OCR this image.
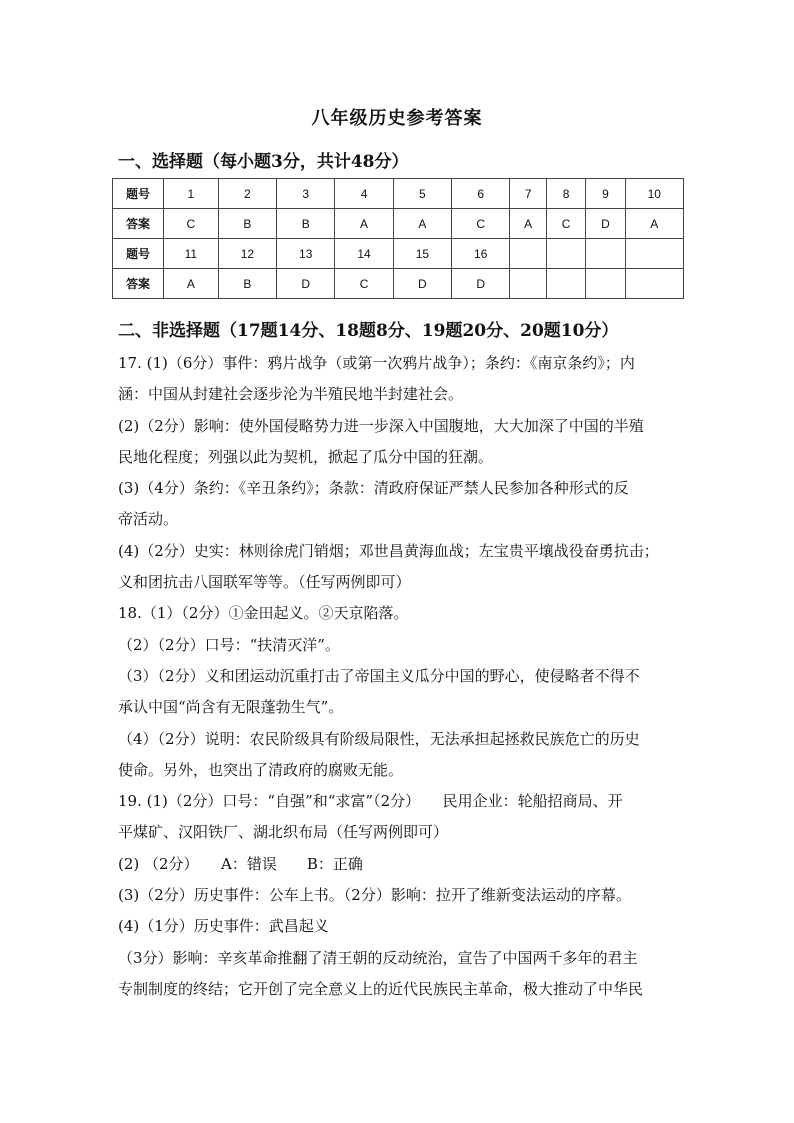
八年级历史参考答案
一、选择题（每小题3分，共计48分）
题号	1	2	3	4	5	6	7	8	9	10
答案	C	B	B	A	A	C	A	C	D	A
题号	11	12	13	14	15	16				
答案	A	B	D	C	D	D				
二、非选择题（17题14分、18题8分、19题20分、20题10分）

17. (1)（6分）事件：鸦片战争（或第一次鸦片战争）；条约：《南京条约》；内

涵：中国从封建社会逐步沦为半殖民地半封建社会。

(2)（2分）影响：使外国侵略势力进一步深入中国腹地，大大加深了中国的半殖

民地化程度；列强以此为契机，掀起了瓜分中国的狂潮。

(3)（4分）条约：《辛丑条约》；条款：清政府保证严禁人民参加各种形式的反

帝活动。

(4)（2分）史实：林则徐虎门销烟；邓世昌黄海血战；左宝贵平壤战役奋勇抗击；

义和团抗击八国联军等等。（任写两例即可）

18.（1）（2分）①金田起义。②天京陷落。

（2）（2分）口号：“扶清灭洋”。

（3）（2分）义和团运动沉重打击了帝国主义瓜分中国的野心，使侵略者不得不

承认中国“尚含有无限蓬勃生气”。

（4）（2分）说明：农民阶级具有阶级局限性，无法承担起拯救民族危亡的历史

使命。另外，也突出了清政府的腐败无能。

19. (1)（2分）口号：“自强”和“求富”（2分）　　民用企业：轮船招商局、开

平煤矿、汉阳铁厂、湖北织布局（任写两例即可）

(2) （2分）　　A：错误　　B：正确

(3)（2分）历史事件：公车上书。（2分）影响：拉开了维新变法运动的序幕。

(4)（1分）历史事件：武昌起义

（3分）影响：辛亥革命推翻了清王朝的反动统治，宣告了中国两千多年的君主

专制制度的终结；它开创了完全意义上的近代民族民主革命，极大推动了中华民
